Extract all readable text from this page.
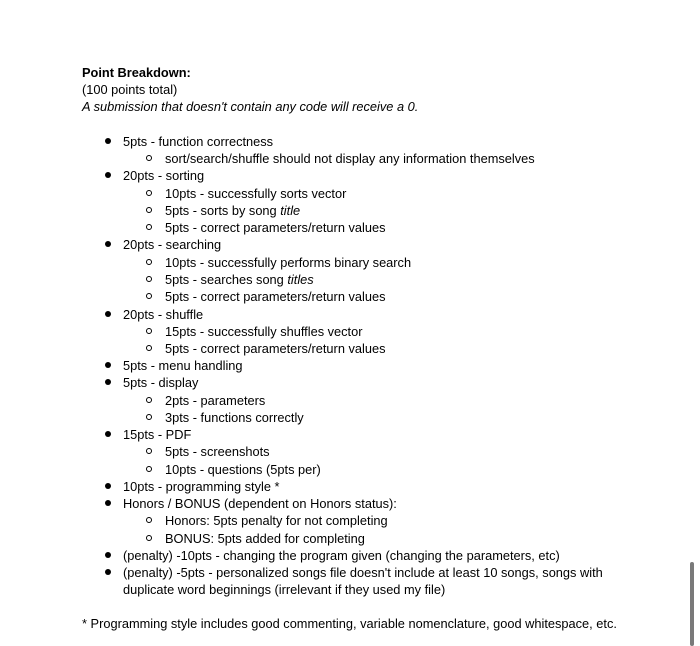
Point Breakdown:
(100 points total)
A submission that doesn't contain any code will receive a 0.
5pts - function correctness
sort/search/shuffle should not display any information themselves
20pts - sorting
10pts - successfully sorts vector
5pts - sorts by song title
5pts - correct parameters/return values
20pts - searching
10pts - successfully performs binary search
5pts - searches song titles
5pts - correct parameters/return values
20pts - shuffle
15pts - successfully shuffles vector
5pts - correct parameters/return values
5pts - menu handling
5pts - display
2pts - parameters
3pts - functions correctly
15pts - PDF
5pts - screenshots
10pts - questions (5pts per)
10pts - programming style *
Honors / BONUS (dependent on Honors status):
Honors: 5pts penalty for not completing
BONUS: 5pts added for completing
(penalty) -10pts - changing the program given (changing the parameters, etc)
(penalty) -5pts - personalized songs file doesn't include at least 10 songs, songs with
duplicate word beginnings (irrelevant if they used my file)
* Programming style includes good commenting, variable nomenclature, good whitespace, etc.
